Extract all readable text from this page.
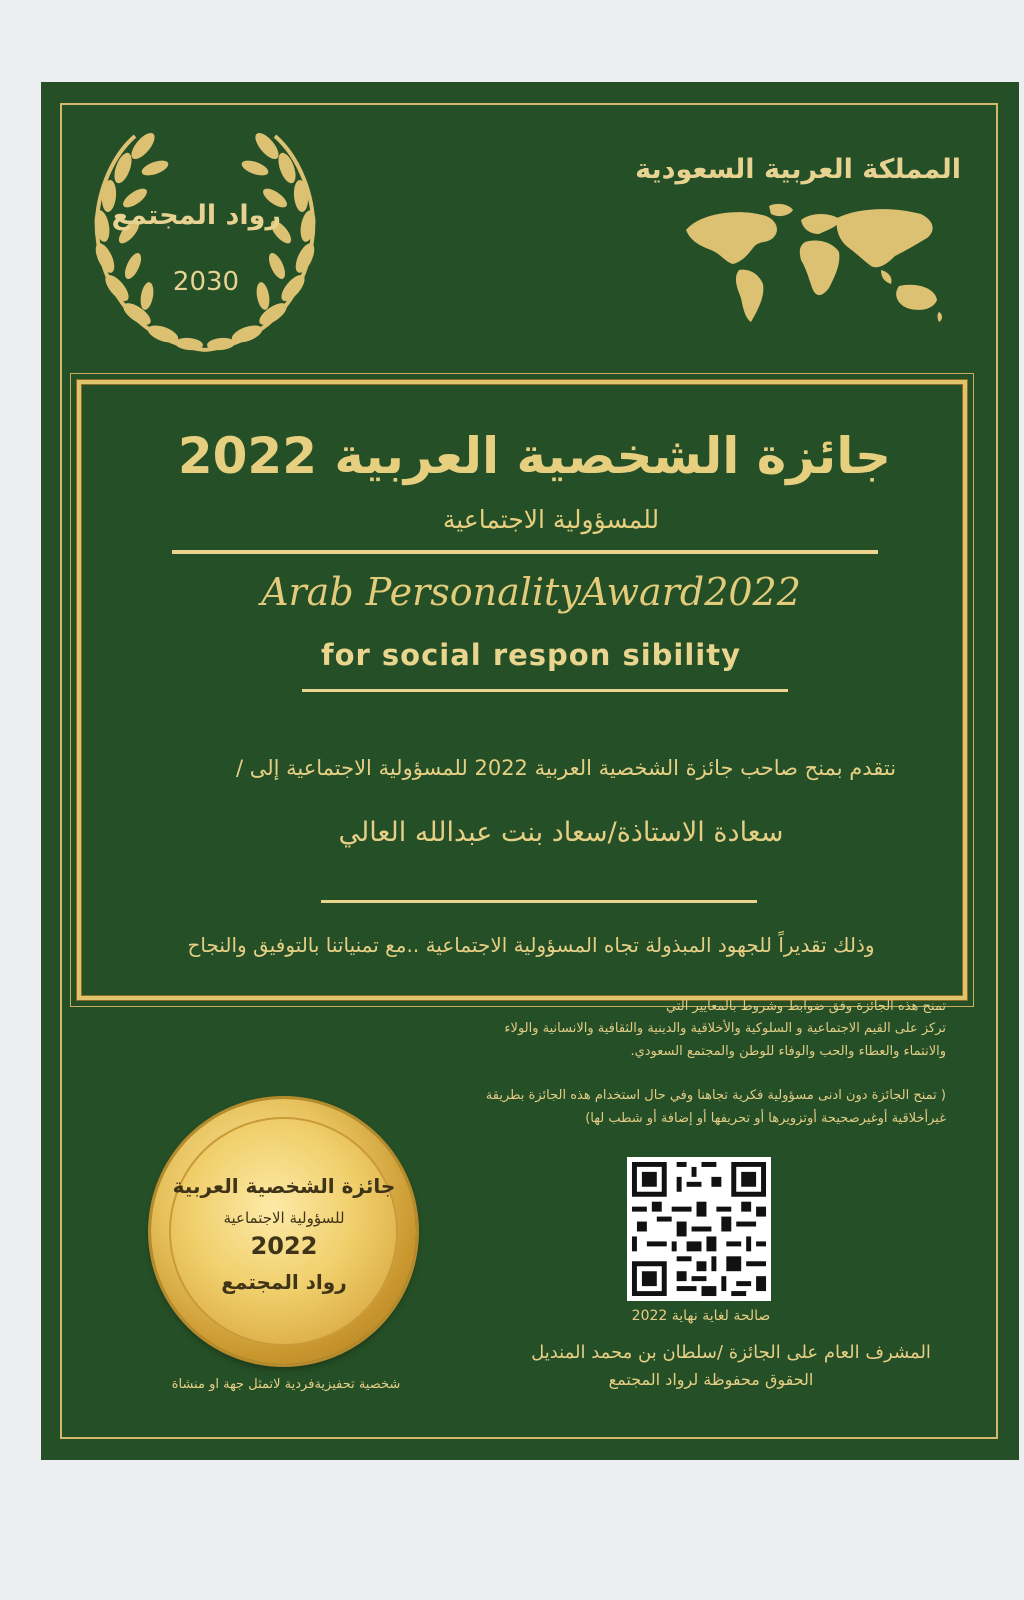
رواد المجتمع
2030
المملكة العربية السعودية
جائزة الشخصية العربية 2022
للمسؤولية الاجتماعية
Arab PersonalityAward2022
for social respon sibility
نتقدم بمنح صاحب جائزة الشخصية العربية 2022 للمسؤولية الاجتماعية إلى /
سعادة الاستاذة/سعاد بنت عبدالله العالي
وذلك تقديراً للجهود المبذولة تجاه المسؤولية الاجتماعية ..مع تمنياتنا بالتوفيق والنجاح
تمنح هذه الجائزة وفق ضوابط وشروط بالمعايير التي
تركز على القيم الاجتماعية و السلوكية والأخلاقية والدينية والثقافية والانسانية والولاء
والانتماء والعطاء والحب والوفاء للوطن والمجتمع السعودي.
( تمنح الجائزة دون ادنى مسؤولية فكرية تجاهنا وفي حال استخدام هذه الجائزة بطريقة
غيرأخلاقية أوغيرصحيحة أوتزويرها أو تحريفها أو إضافة أو شطب لها)
جائزة الشخصية العربية
للسؤولية الاجتماعية
2022
رواد المجتمع
شخصية تحفيزيةفردية لاتمثل جهة او منشاة
صالحة لغاية نهاية 2022
المشرف العام على الجائزة /سلطان بن محمد المنديل
الحقوق محفوظة لرواد المجتمع
